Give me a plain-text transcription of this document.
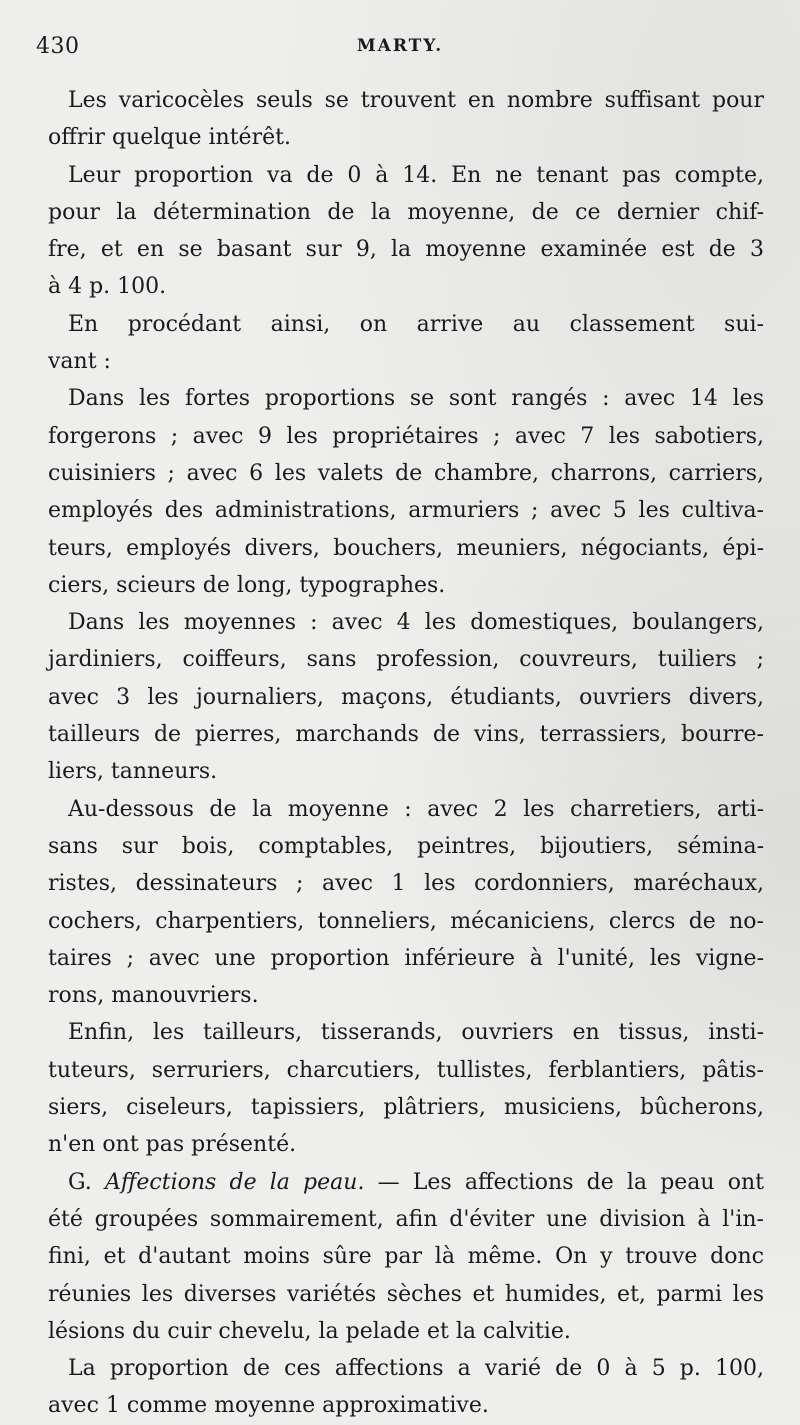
430	MARTY.
Les varicocèles seuls se trouvent en nombre suffisant pour
offrir quelque intérêt.
Leur proportion va de 0 à 14. En ne tenant pas compte,
pour la détermination de la moyenne, de ce dernier chif-
fre, et en se basant sur 9, la moyenne examinée est de 3
à 4 p. 100.
En procédant ainsi, on arrive au classement sui-
vant :
Dans les fortes proportions se sont rangés : avec 14 les
forgerons ; avec 9 les propriétaires ; avec 7 les sabotiers,
cuisiniers ; avec 6 les valets de chambre, charrons, carriers,
employés des administrations, armuriers ; avec 5 les cultiva-
teurs, employés divers, bouchers, meuniers, négociants, épi-
ciers, scieurs de long, typographes.
Dans les moyennes : avec 4 les domestiques, boulangers,
jardiniers, coiffeurs, sans profession, couvreurs, tuiliers ;
avec 3 les journaliers, maçons, étudiants, ouvriers divers,
tailleurs de pierres, marchands de vins, terrassiers, bourre-
liers, tanneurs.
Au-dessous de la moyenne : avec 2 les charretiers, arti-
sans sur bois, comptables, peintres, bijoutiers, sémina-
ristes, dessinateurs ; avec 1 les cordonniers, maréchaux,
cochers, charpentiers, tonneliers, mécaniciens, clercs de no-
taires ; avec une proportion inférieure à l'unité, les vigne-
rons, manouvriers.
Enfin, les tailleurs, tisserands, ouvriers en tissus, insti-
tuteurs, serruriers, charcutiers, tullistes, ferblantiers, pâtis-
siers, ciseleurs, tapissiers, plâtriers, musiciens, bûcherons,
n'en ont pas présenté.
G. Affections de la peau. — Les affections de la peau ont
été groupées sommairement, afin d'éviter une division à l'in-
fini, et d'autant moins sûre par là même. On y trouve donc
réunies les diverses variétés sèches et humides, et, parmi les
lésions du cuir chevelu, la pelade et la calvitie.
La proportion de ces affections a varié de 0 à 5 p. 100,
avec 1 comme moyenne approximative.
